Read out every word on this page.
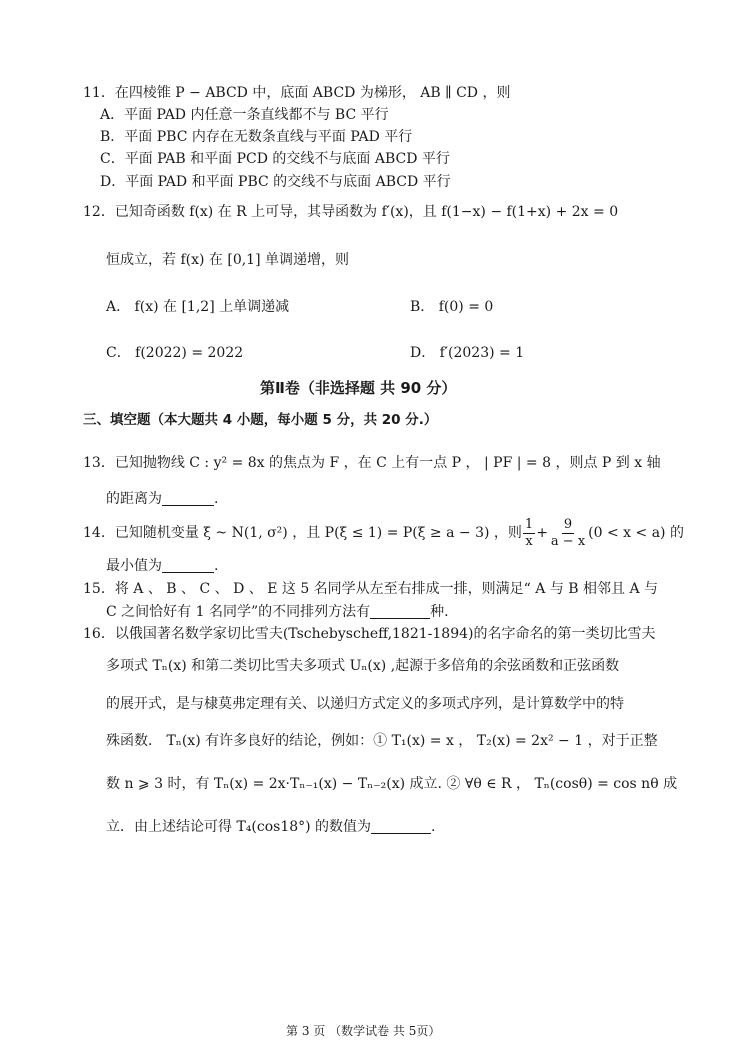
11．在四棱锥 P − ABCD 中，底面 ABCD 为梯形， AB ∥ CD ，则
A．平面 PAD 内任意一条直线都不与 BC 平行
B．平面 PBC 内存在无数条直线与平面 PAD 平行
C．平面 PAB 和平面 PCD 的交线不与底面 ABCD 平行
D．平面 PAD 和平面 PBC 的交线不与底面 ABCD 平行
12．已知奇函数 f(x) 在 R 上可导，其导函数为 f′(x)，且 f(1−x) − f(1+x) + 2x = 0
恒成立，若 f(x) 在 [0,1] 单调递增，则
A． f(x) 在 [1,2] 上单调递减	B． f(0) = 0
C． f(2022) = 2022	D． f′(2023) = 1
第Ⅱ卷（非选择题 共 90 分）
三、填空题（本大题共 4 小题，每小题 5 分，共 20 分.）
13．已知抛物线 C : y² = 8x 的焦点为 F ，在 C 上有一点 P ， | PF | = 8 ，则点 P 到 x 轴
的距离为	.
14．已知随机变量 ξ ~ N(1, σ²) ，且 P(ξ ≤ 1) = P(ξ ≥ a − 3) ，则 $\frac{1}{x} + \frac{9}{a - x} (0 < x < a)$ 的
最小值为	.
15．将 A 、 B 、 C 、 D 、 E 这 5 名同学从左至右排成一排，则满足“ A 与 B 相邻且 A 与
C 之间恰好有 1 名同学”的不同排列方法有	种.
16．以俄国著名数学家切比雪夫(Tschebyscheff,1821-1894)的名字命名的第一类切比雪夫
多项式 Tₙ(x) 和第二类切比雪夫多项式 Uₙ(x) ,起源于多倍角的余弦函数和正弦函数
的展开式，是与棣莫弗定理有关、以递归方式定义的多项式序列，是计算数学中的特
殊函数． Tₙ(x) 有许多良好的结论，例如：① T₁(x) = x ， T₂(x) = 2x² − 1 ，对于正整
数 n ⩾ 3 时，有 Tₙ(x) = 2x·Tₙ₋₁(x) − Tₙ₋₂(x) 成立. ② ∀θ ∈ R ， Tₙ(cosθ) = cos nθ 成
立．由上述结论可得 T₄(cos18°) 的数值为	.
第 3 页 （数学试卷 共 5页）
